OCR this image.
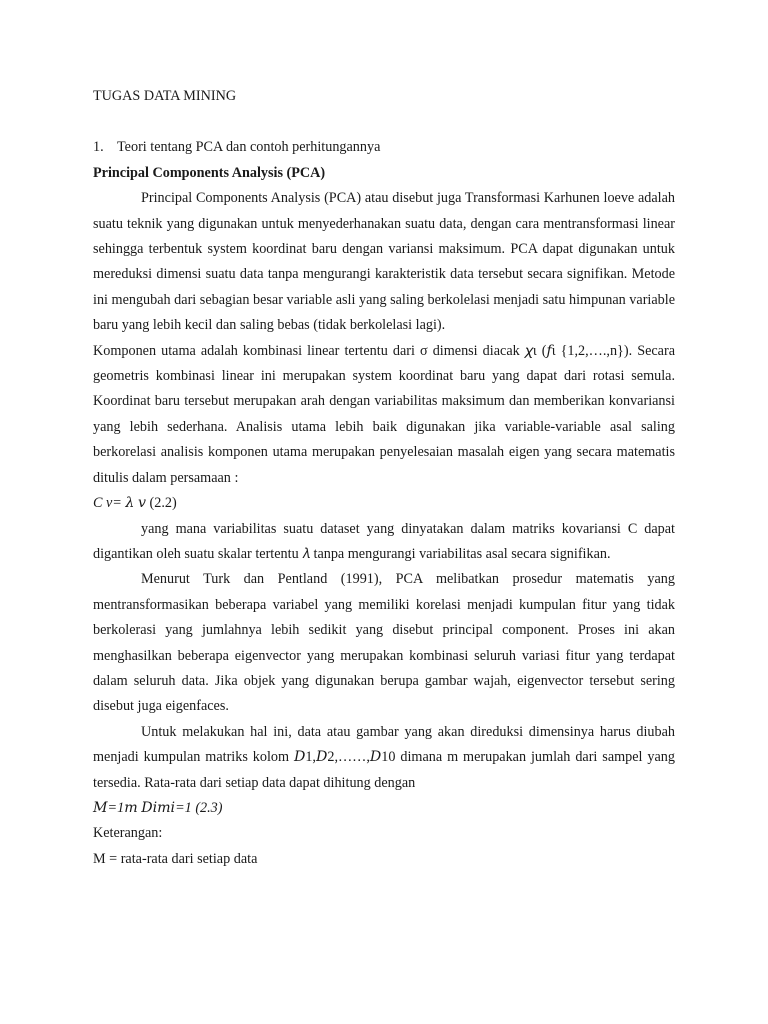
TUGAS DATA MINING
1. Teori tentang PCA dan contoh perhitungannya
Principal Components Analysis (PCA)

Principal Components Analysis (PCA) atau disebut juga Transformasi Karhunen loeve adalah suatu teknik yang digunakan untuk menyederhanakan suatu data, dengan cara mentransformasi linear sehingga terbentuk system koordinat baru dengan variansi maksimum. PCA dapat digunakan untuk mereduksi dimensi suatu data tanpa mengurangi karakteristik data tersebut secara signifikan. Metode ini mengubah dari sebagian besar variable asli yang saling berkolelasi menjadi satu himpunan variable baru yang lebih kecil dan saling bebas (tidak berkolelasi lagi).

Komponen utama adalah kombinasi linear tertentu dari σ dimensi diacak 𝜒ι (𝑓ι {1,2,….,n}). Secara geometris kombinasi linear ini merupakan system koordinat baru yang dapat dari rotasi semula. Koordinat baru tersebut merupakan arah dengan variabilitas maksimum dan memberikan konvariansi yang lebih sederhana. Analisis utama lebih baik digunakan jika variable-variable asal saling berkorelasi analisis komponen utama merupakan penyelesaian masalah eigen yang secara matematis ditulis dalam persamaan :

C ν= 𝜆 𝑣 (2.2)

yang mana variabilitas suatu dataset yang dinyatakan dalam matriks kovariansi C dapat digantikan oleh suatu skalar tertentu 𝜆 tanpa mengurangi variabilitas asal secara signifikan.

Menurut Turk dan Pentland (1991), PCA melibatkan prosedur matematis yang mentransformasikan beberapa variabel yang memiliki korelasi menjadi kumpulan fitur yang tidak berkolerasi yang jumlahnya lebih sedikit yang disebut principal component. Proses ini akan menghasilkan beberapa eigenvector yang merupakan kombinasi seluruh variasi fitur yang terdapat dalam seluruh data. Jika objek yang digunakan berupa gambar wajah, eigenvector tersebut sering disebut juga eigenfaces.

Untuk melakukan hal ini, data atau gambar yang akan direduksi dimensinya harus diubah menjadi kumpulan matriks kolom 𝐷1,𝐷2,……,𝐷10 dimana m merupakan jumlah dari sampel yang tersedia. Rata-rata dari setiap data dapat dihitung dengan

𝑀=1𝑚 𝐷𝑖𝑚𝑖=1 (2.3)
Keterangan:
M = rata-rata dari setiap data
